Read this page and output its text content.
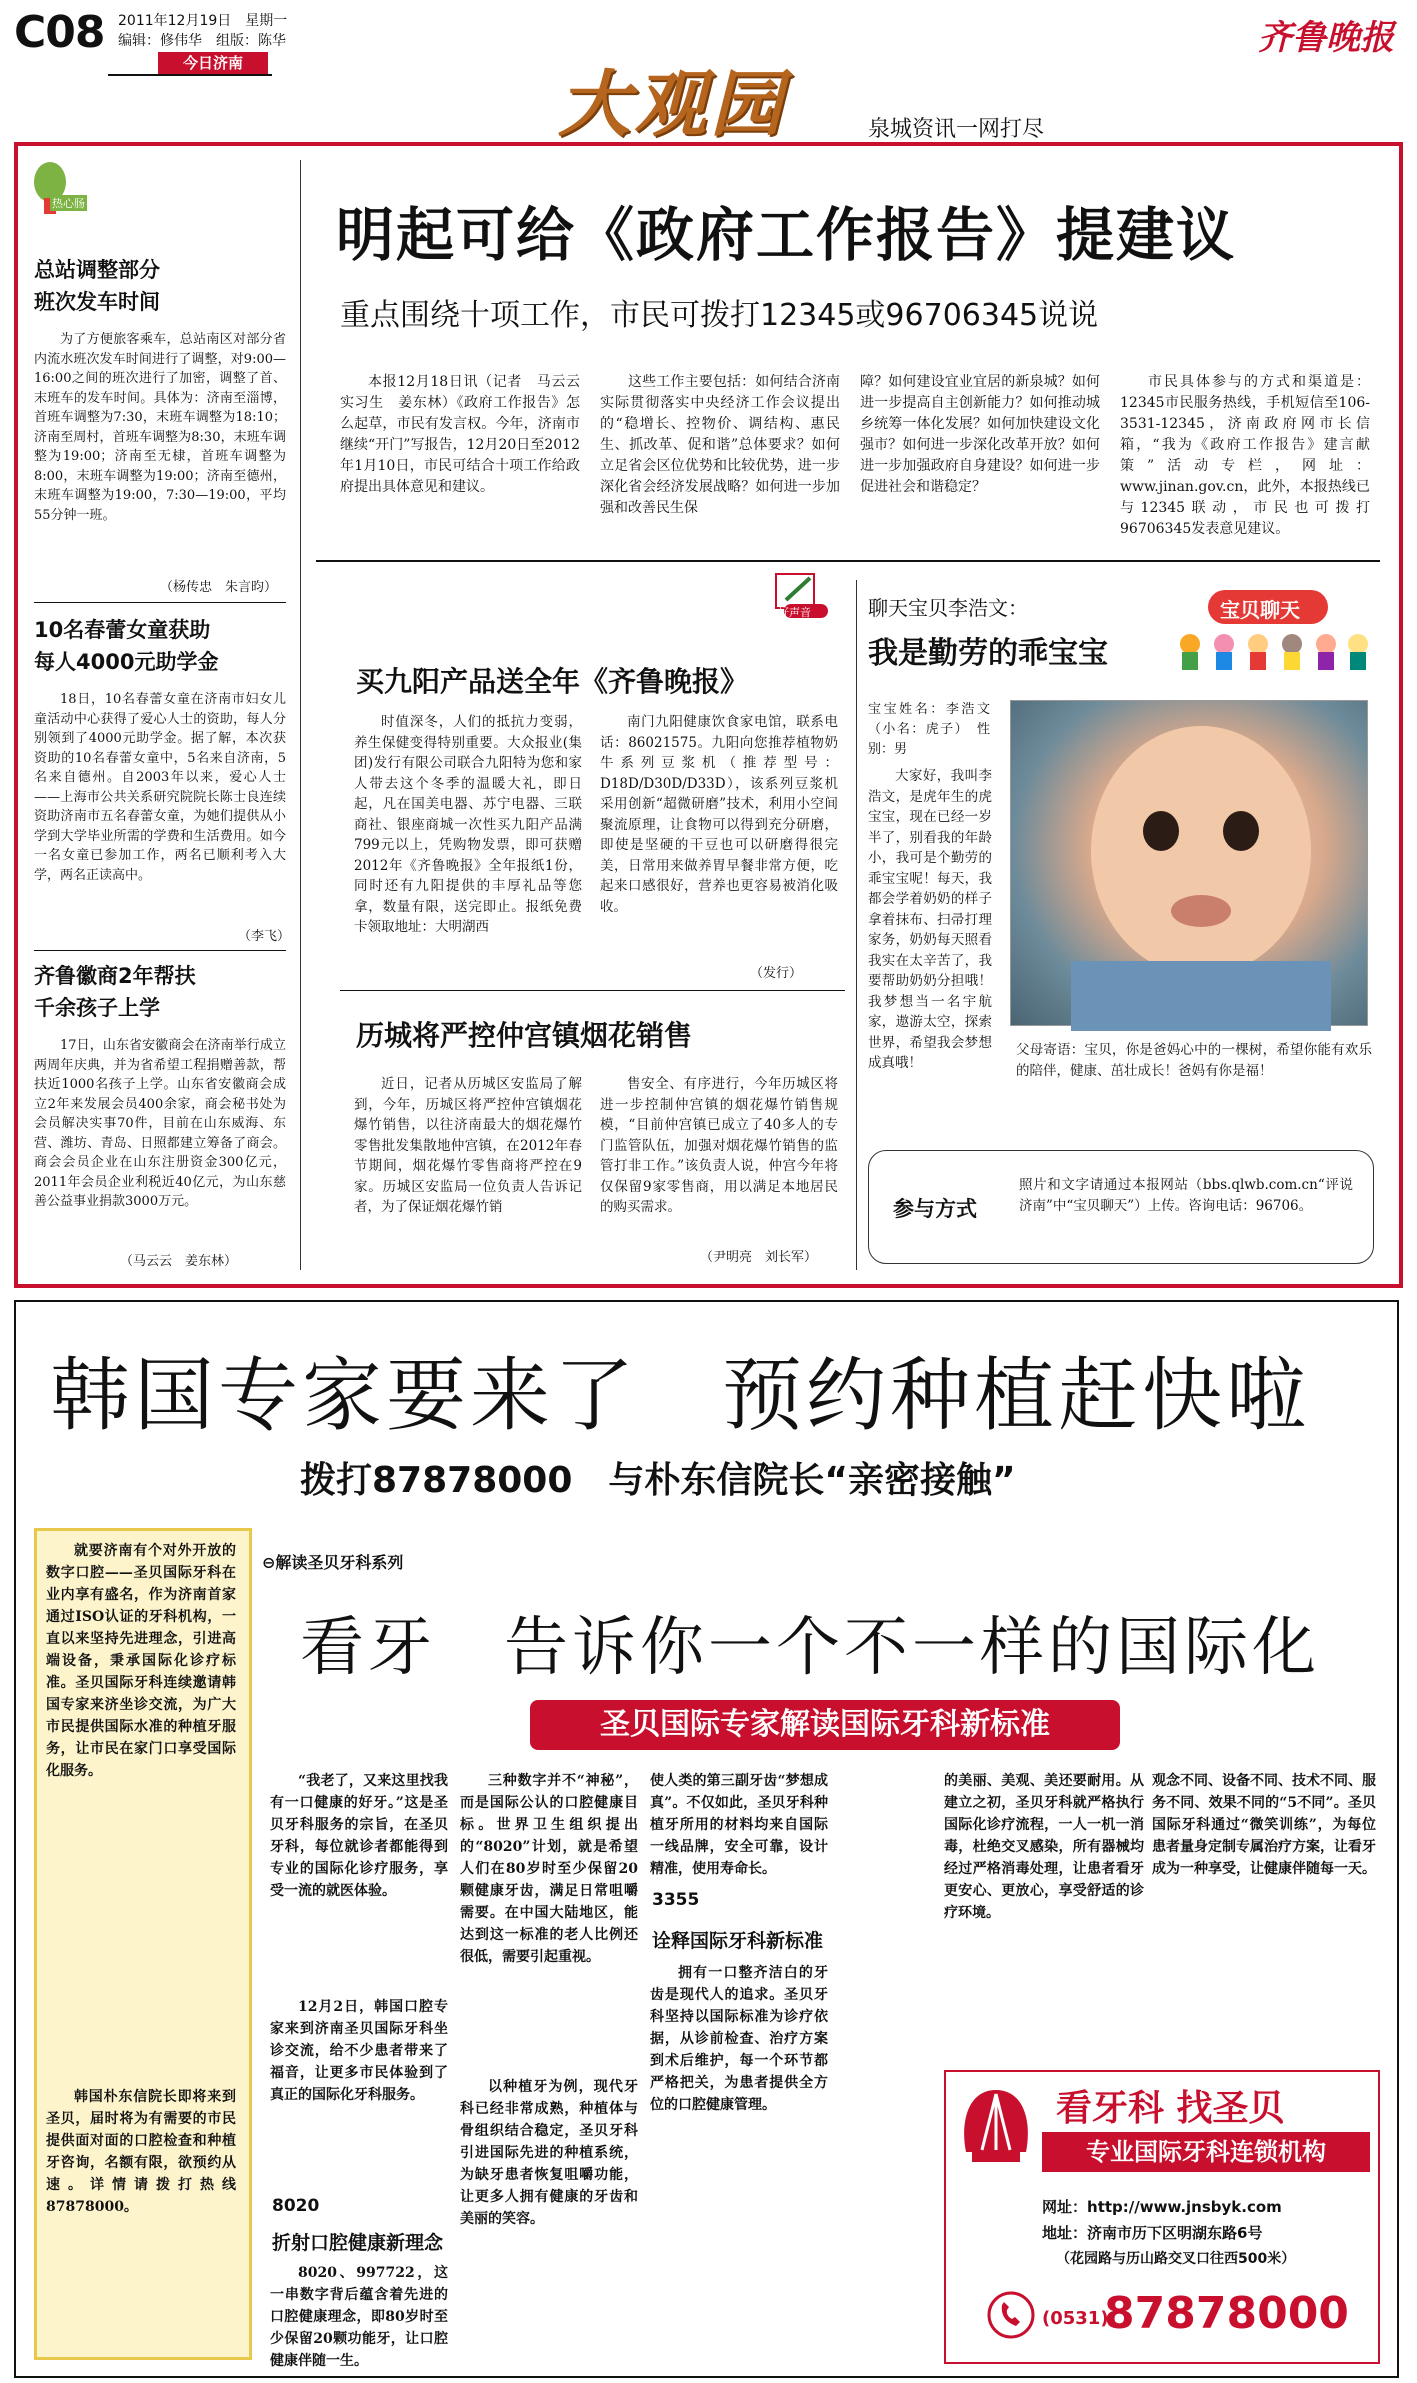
C08 2011年12月19日　 星期一
编辑：修伟华　组版：陈华
今日济南
齐鲁晚报
大观园	泉城资讯一网打尽
热心肠
总站调整部分
班次发车时间

为了方便旅客乘车，总站南区对部分省内流水班次发车时间进行了调整，对9:00—16:00之间的班次进行了加密，调整了首、末班车的发车时间。具体为：济南至淄博，首班车调整为7:30，末班车调整为18:10；济南至周村，首班车调整为8:30，末班车调整为19:00；济南至无棣，首班车调整为8:00，末班车调整为19:00；济南至德州，末班车调整为19:00，7:30—19:00，平均55分钟一班。

（杨传忠　朱言昀）
10名春蕾女童获助
每人4000元助学金

18日，10名春蕾女童在济南市妇女儿童活动中心获得了爱心人士的资助，每人分别领到了4000元助学金。据了解，本次获资助的10名春蕾女童中，5名来自济南，5名来自德州。自2003年以来，爱心人士——上海市公共关系研究院院长陈士良连续资助济南市五名春蕾女童，为她们提供从小学到大学毕业所需的学费和生活费用。如今一名女童已参加工作，两名已顺利考入大学，两名正读高中。

（李飞）
齐鲁徽商2年帮扶
千余孩子上学

17日，山东省安徽商会在济南举行成立两周年庆典，并为省希望工程捐赠善款，帮扶近1000名孩子上学。山东省安徽商会成立2年来发展会员400余家，商会秘书处为会员解决实事70件，目前在山东威海、东营、潍坊、青岛、日照都建立筹备了商会。商会会员企业在山东注册资金300亿元，2011年会员企业利税近40亿元，为山东慈善公益事业捐款3000万元。

（马云云　姜东林）
明起可给《政府工作报告》提建议
重点围绕十项工作，市民可拨打12345或96706345说说

本报12月18日讯（记者　马云云　实习生　姜东林）《政府工作报告》怎么起草，市民有发言权。今年，济南市继续“开门”写报告，12月20日至2012年1月10日，市民可结合十项工作给政府提出具体意见和建议。

这些工作主要包括：如何结合济南实际贯彻落实中央经济工作会议提出的“稳增长、控物价、调结构、惠民生、抓改革、促和谐”总体要求？如何立足省会区位优势和比较优势，进一步深化省会经济发展战略？如何进一步加强和改善民生保

障？如何建设宜业宜居的新泉城？如何进一步提高自主创新能力？如何推动城乡统筹一体化发展？如何加快建设文化强市？如何进一步深化改革开放？如何进一步加强政府自身建设？如何进一步促进社会和谐稳定？

市民具体参与的方式和渠道是：12345市民服务热线，手机短信至106-3531-12345，济南政府网市长信箱，“我为《政府工作报告》建言献策”活动专栏，网址：www.jinan.gov.cn，此外，本报热线已与12345联动，市民也可拨打96706345发表意见建议。

好声音
买九阳产品送全年《齐鲁晚报》

时值深冬，人们的抵抗力变弱，养生保健变得特别重要。大众报业(集团)发行有限公司联合九阳特为您和家人带去这个冬季的温暖大礼，即日起，凡在国美电器、苏宁电器、三联商社、银座商城一次性买九阳产品满799元以上，凭购物发票，即可获赠2012年《齐鲁晚报》全年报纸1份，同时还有九阳提供的丰厚礼品等您拿，数量有限，送完即止。报纸免费卡领取地址：大明湖西

南门九阳健康饮食家电馆，联系电话：86021575。九阳向您推荐植物奶牛系列豆浆机（推荐型号：D18D/D30D/D33D），该系列豆浆机采用创新“超微研磨”技术，利用小空间聚流原理，让食物可以得到充分研磨，即使是坚硬的干豆也可以研磨得很完美，日常用来做养胃早餐非常方便，吃起来口感很好，营养也更容易被消化吸收。

（发行）
历城将严控仲宫镇烟花销售

近日，记者从历城区安监局了解到，今年，历城区将严控仲宫镇烟花爆竹销售，以往济南最大的烟花爆竹零售批发集散地仲宫镇，在2012年春节期间，烟花爆竹零售商将严控在9家。历城区安监局一位负责人告诉记者，为了保证烟花爆竹销

售安全、有序进行，今年历城区将进一步控制仲宫镇的烟花爆竹销售规模，“目前仲宫镇已成立了40多人的专门监管队伍，加强对烟花爆竹销售的监管打非工作。”该负责人说，仲宫今年将仅保留9家零售商，用以满足本地居民的购买需求。

（尹明亮　刘长军）
聊天宝贝李浩文：
我是勤劳的乖宝宝
宝贝聊天

宝宝姓名：李浩文（小名：虎子）　性别：男

大家好，我叫李浩文，是虎年生的虎宝宝，现在已经一岁半了，别看我的年龄小，我可是个勤劳的乖宝宝呢！每天，我都会学着奶奶的样子拿着抹布、扫帚打理家务，奶奶每天照看我实在太辛苦了，我要帮助奶奶分担哦！我梦想当一名宇航家，遨游太空，探索世界，希望我会梦想成真哦！

父母寄语：宝贝，你是爸妈心中的一棵树，希望你能有欢乐的陪伴，健康、茁壮成长！爸妈有你是福！

参与方式

照片和文字请通过本报网站（bbs.qlwb.com.cn“评说济南”中“宝贝聊天”）上传。咨询电话：96706。

韩国专家要来了　预约种植赶快啦
拨打87878000　与朴东信院长“亲密接触”

就要济南有个对外开放的数字口腔——圣贝国际牙科在业内享有盛名，作为济南首家通过ISO认证的牙科机构，一直以来坚持先进理念，引进高端设备，秉承国际化诊疗标准。圣贝国际牙科连续邀请韩国专家来济坐诊交流，为广大市民提供国际水准的种植牙服务，让市民在家门口享受国际化服务。

韩国朴东信院长即将来到圣贝，届时将为有需要的市民提供面对面的口腔检查和种植牙咨询，名额有限，欲预约从速。详情请拨打热线87878000。

⊖解读圣贝牙科系列
看牙　告诉你一个不一样的国际化
圣贝国际专家解读国际牙科新标准

“我老了，又来这里找我有一口健康的好牙。”这是圣贝牙科服务的宗旨，在圣贝牙科，每位就诊者都能得到专业的国际化诊疗服务，享受一流的就医体验。

12月2日，韩国口腔专家来到济南圣贝国际牙科坐诊交流，给不少患者带来了福音，让更多市民体验到了真正的国际化牙科服务。

8020
折射口腔健康新理念

8020、997722，这一串数字背后蕴含着先进的口腔健康理念，即80岁时至少保留20颗功能牙，让口腔健康伴随一生。

三种数字并不“神秘”，而是国际公认的口腔健康目标。世界卫生组织提出的“8020”计划，就是希望人们在80岁时至少保留20颗健康牙齿，满足日常咀嚼需要。在中国大陆地区，能达到这一标准的老人比例还很低，需要引起重视。

以种植牙为例，现代牙科已经非常成熟，种植体与骨组织结合稳定，圣贝牙科引进国际先进的种植系统，为缺牙患者恢复咀嚼功能，让更多人拥有健康的牙齿和美丽的笑容。

使人类的第三副牙齿“梦想成真”。不仅如此，圣贝牙科种植牙所用的材料均来自国际一线品牌，安全可靠，设计精准，使用寿命长。

3355
诠释国际牙科新标准

拥有一口整齐洁白的牙齿是现代人的追求。圣贝牙科坚持以国际标准为诊疗依据，从诊前检查、治疗方案到术后维护，每一个环节都严格把关，为患者提供全方位的口腔健康管理。

的美丽、美观、美还要耐用。从建立之初，圣贝牙科就严格执行国际化诊疗流程，一人一机一消毒，杜绝交叉感染，所有器械均经过严格消毒处理，让患者看牙更安心、更放心，享受舒适的诊疗环境。

观念不同、设备不同、技术不同、服务不同、效果不同的“5不同”。圣贝国际牙科通过“微笑训练”，为每位患者量身定制专属治疗方案，让看牙成为一种享受，让健康伴随每一天。

看牙科 找圣贝
专业国际牙科连锁机构
网址：http://www.jnsbyk.com
地址：济南市历下区明湖东路6号
（花园路与历山路交叉口往西500米）
(0531)
87878000
